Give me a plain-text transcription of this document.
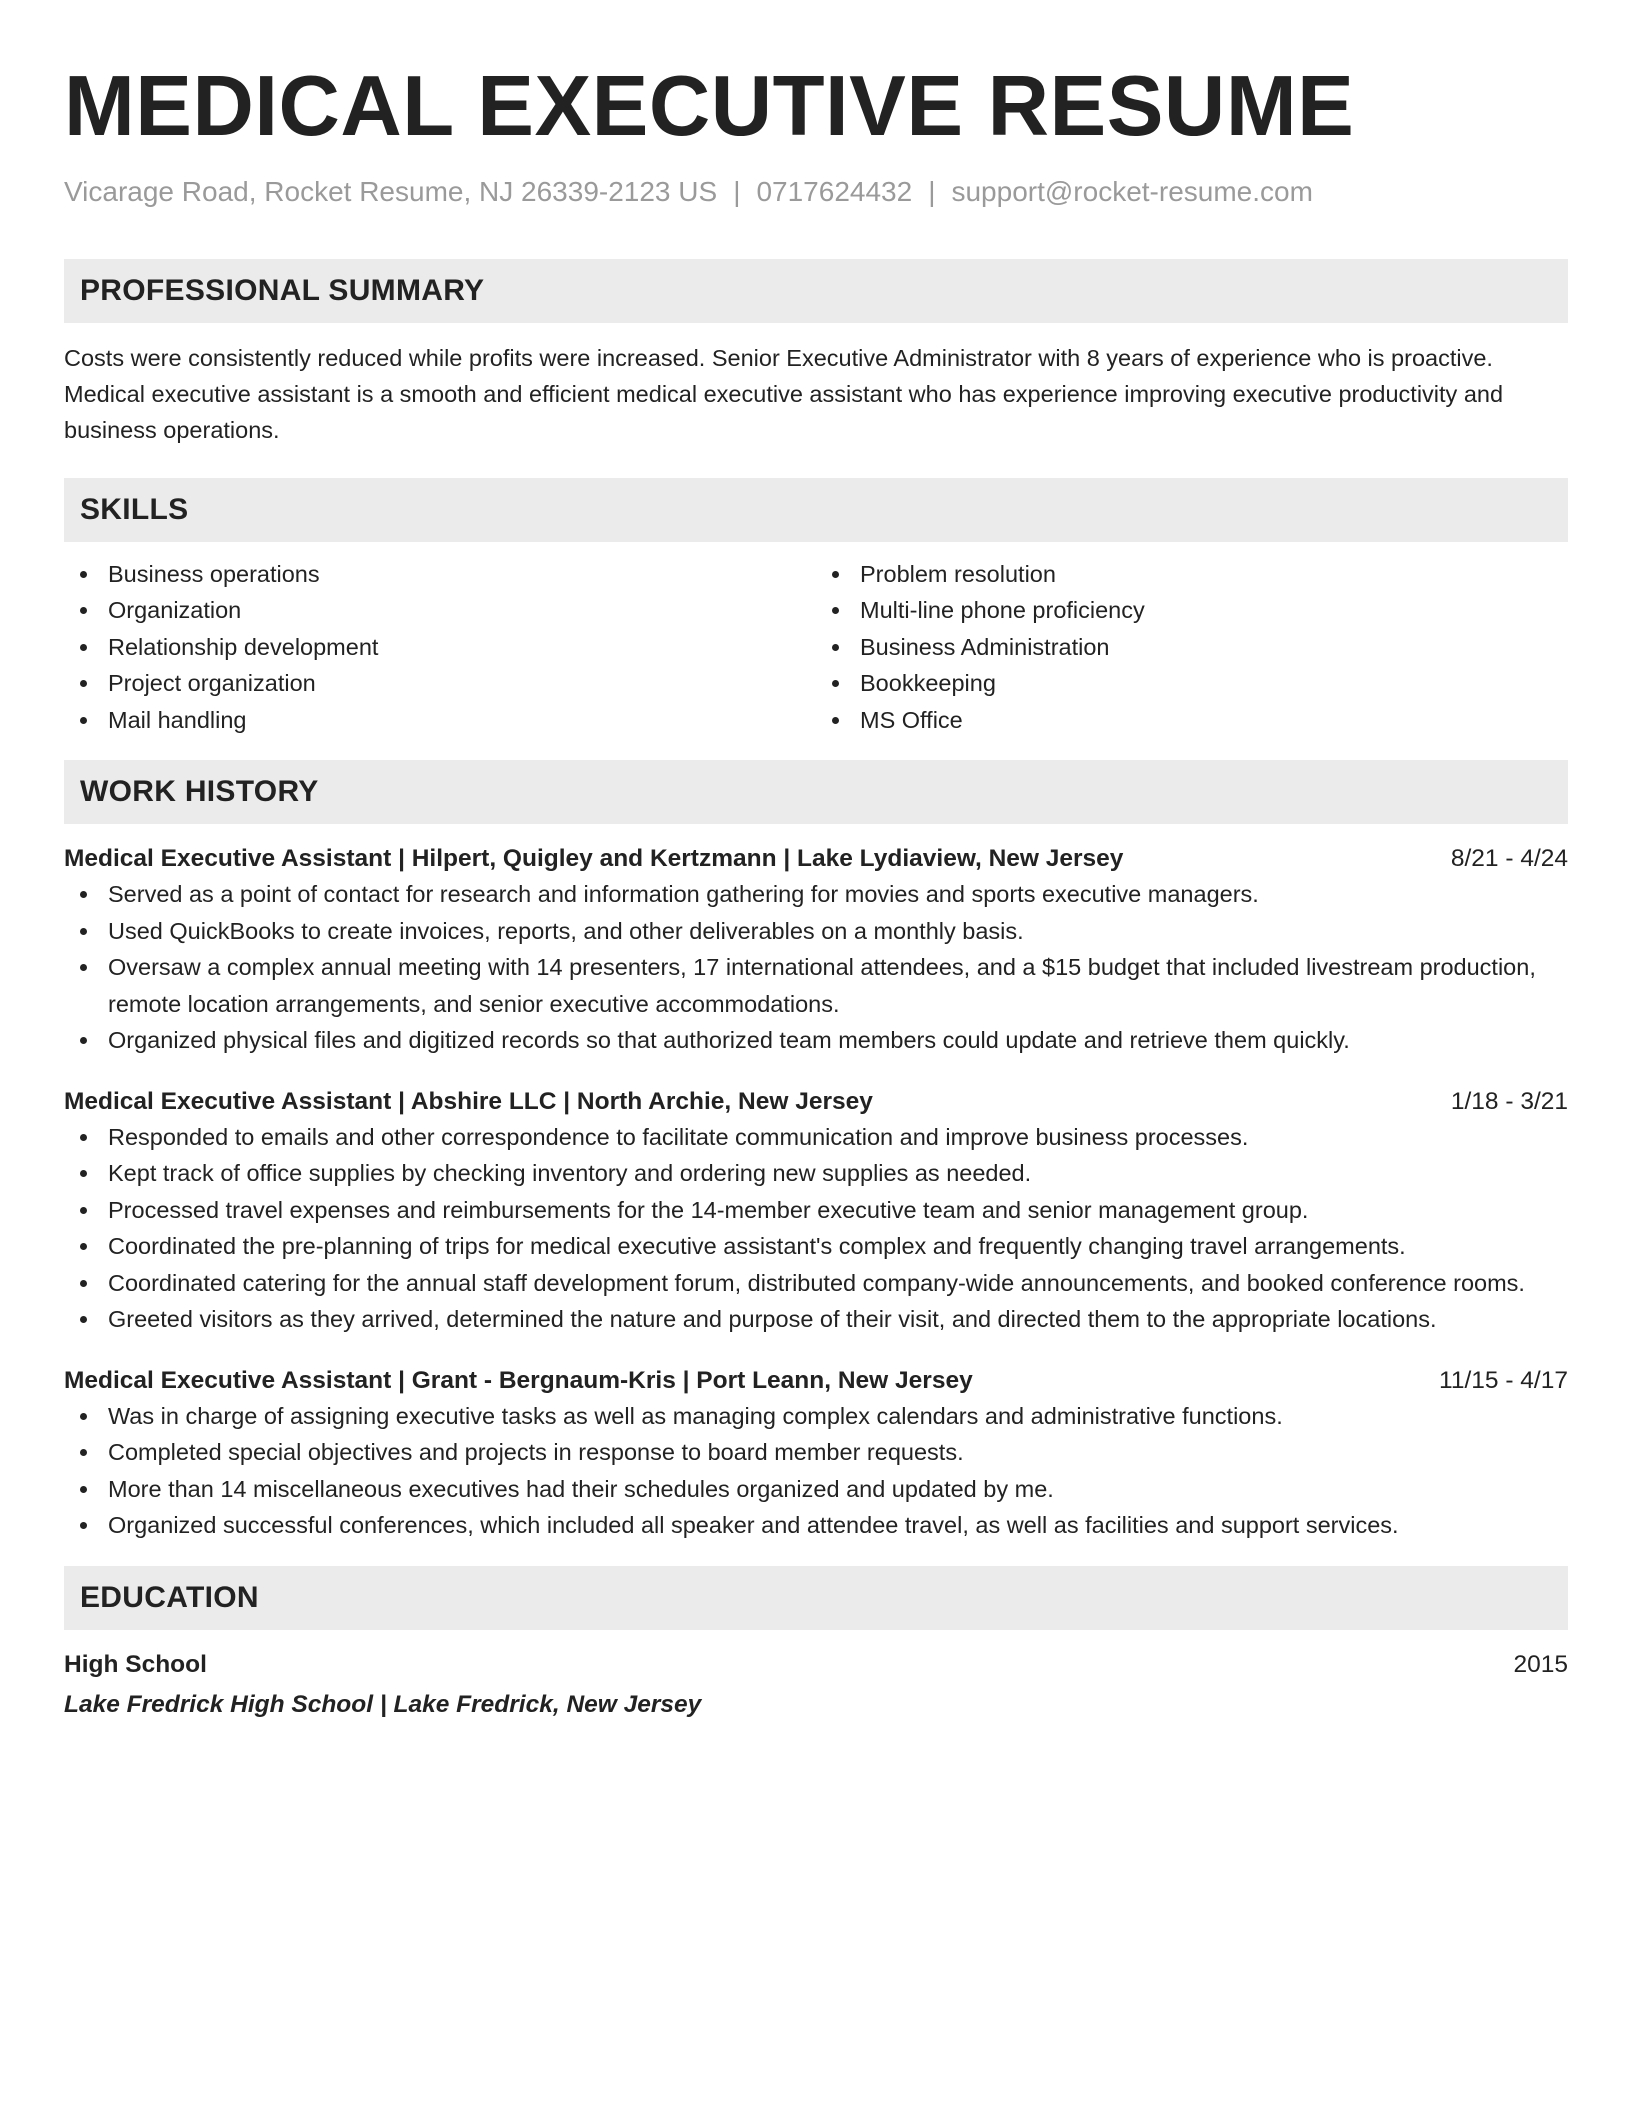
MEDICAL EXECUTIVE RESUME
Vicarage Road, Rocket Resume, NJ 26339-2123 US | 0717624432 | support@rocket-resume.com
PROFESSIONAL SUMMARY

Costs were consistently reduced while profits were increased. Senior Executive Administrator with 8 years of experience who is proactive. Medical executive assistant is a smooth and efficient medical executive assistant who has experience improving executive productivity and business operations.

SKILLS
Business operations
Organization
Relationship development
Project organization
Mail handling
Problem resolution
Multi-line phone proficiency
Business Administration
Bookkeeping
MS Office
WORK HISTORY
Medical Executive Assistant | Hilpert, Quigley and Kertzmann | Lake Lydiaview, New Jersey	8/21 - 4/24
Served as a point of contact for research and information gathering for movies and sports executive managers.
Used QuickBooks to create invoices, reports, and other deliverables on a monthly basis.
Oversaw a complex annual meeting with 14 presenters, 17 international attendees, and a $15 budget that included livestream production, remote location arrangements, and senior executive accommodations.
Organized physical files and digitized records so that authorized team members could update and retrieve them quickly.
Medical Executive Assistant | Abshire LLC | North Archie, New Jersey	1/18 - 3/21
Responded to emails and other correspondence to facilitate communication and improve business processes.
Kept track of office supplies by checking inventory and ordering new supplies as needed.
Processed travel expenses and reimbursements for the 14-member executive team and senior management group.
Coordinated the pre-planning of trips for medical executive assistant's complex and frequently changing travel arrangements.
Coordinated catering for the annual staff development forum, distributed company-wide announcements, and booked conference rooms.
Greeted visitors as they arrived, determined the nature and purpose of their visit, and directed them to the appropriate locations.
Medical Executive Assistant | Grant - Bergnaum-Kris | Port Leann, New Jersey	11/15 - 4/17
Was in charge of assigning executive tasks as well as managing complex calendars and administrative functions.
Completed special objectives and projects in response to board member requests.
More than 14 miscellaneous executives had their schedules organized and updated by me.
Organized successful conferences, which included all speaker and attendee travel, as well as facilities and support services.
EDUCATION
High School	2015
Lake Fredrick High School | Lake Fredrick, New Jersey
